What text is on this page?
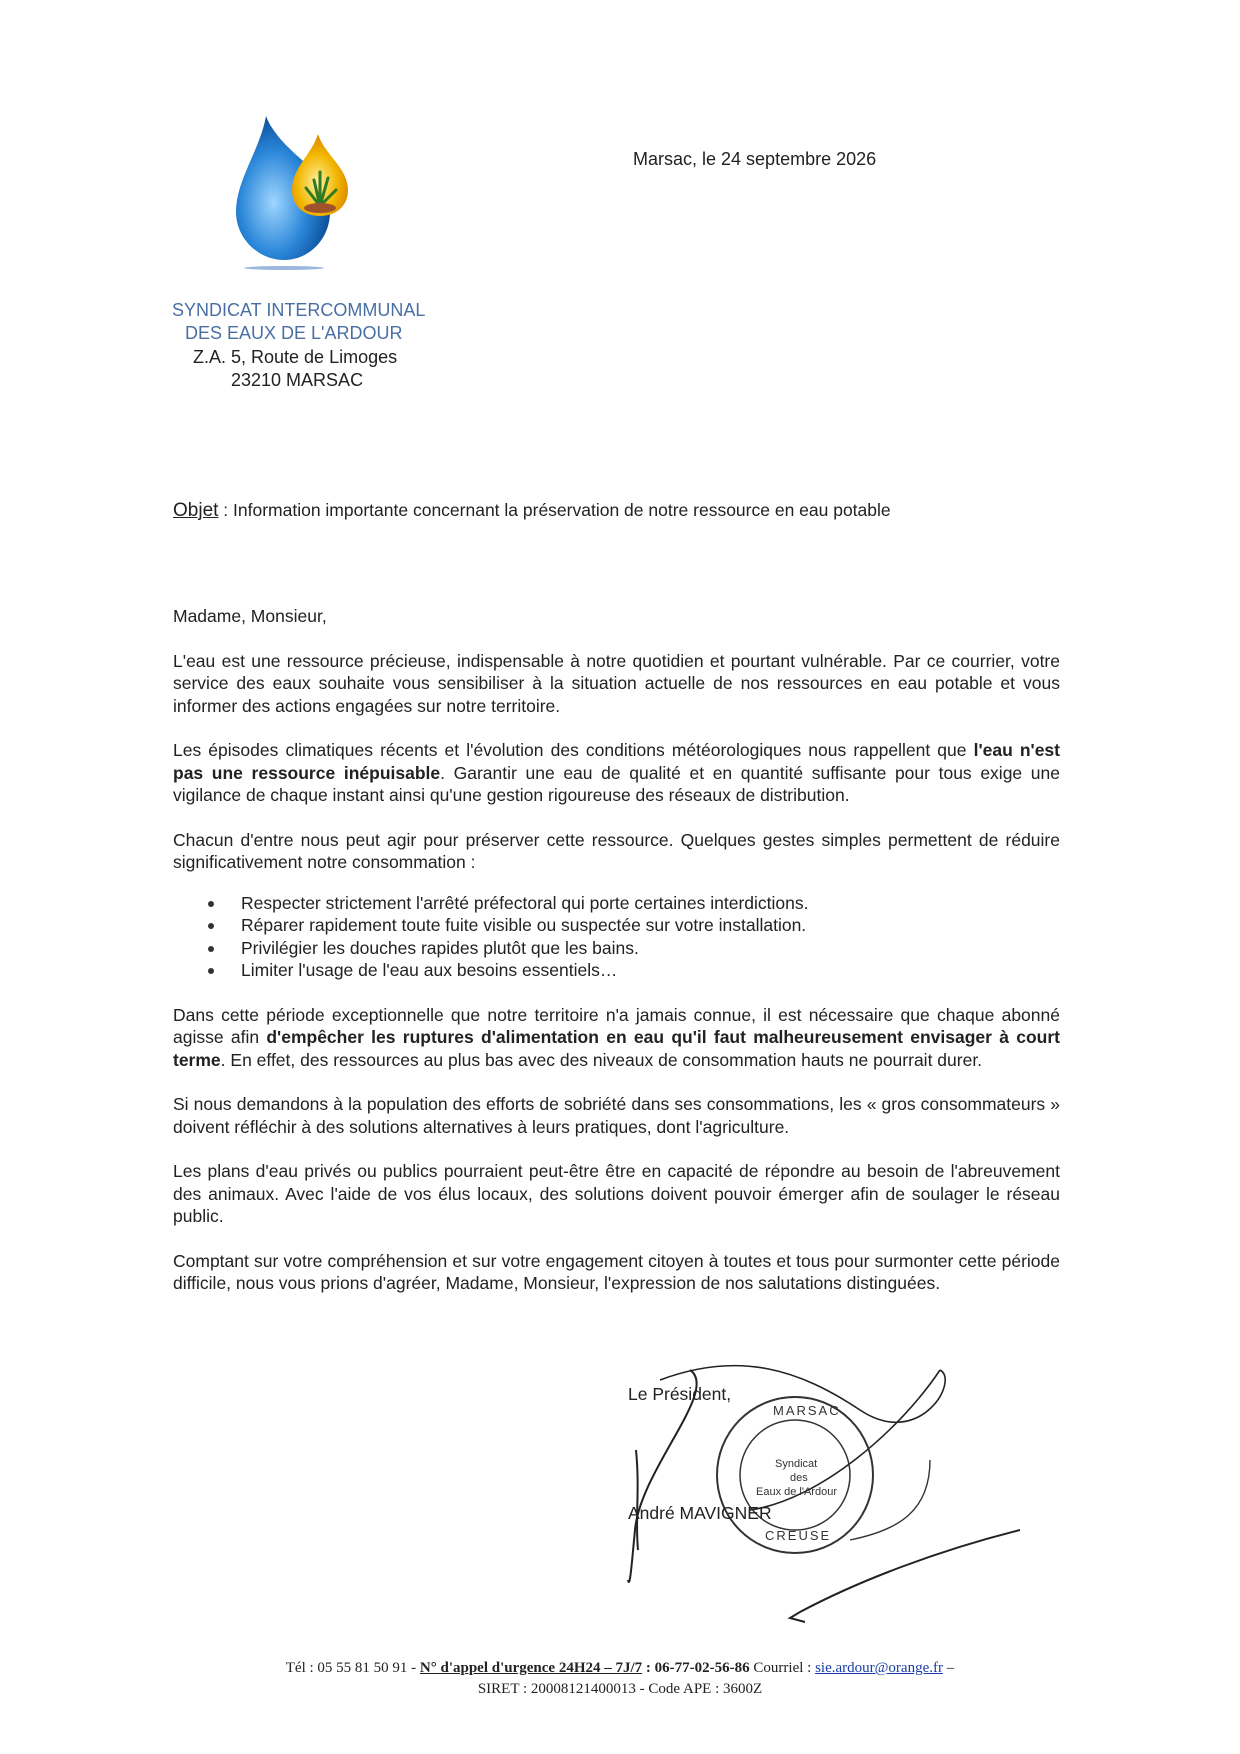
Marsac, le 24 septembre 2026
SYNDICAT INTERCOMMUNAL
DES EAUX DE L'ARDOUR
Z.A. 5, Route de Limoges
23210 MARSAC
Objet : Information importante concernant la préservation de notre ressource en eau potable

Madame, Monsieur,

L'eau est une ressource précieuse, indispensable à notre quotidien et pourtant vulnérable. Par ce courrier, votre service des eaux souhaite vous sensibiliser à la situation actuelle de nos ressources en eau potable et vous informer des actions engagées sur notre territoire.

Les épisodes climatiques récents et l'évolution des conditions météorologiques nous rappellent que l'eau n'est pas une ressource inépuisable. Garantir une eau de qualité et en quantité suffisante pour tous exige une vigilance de chaque instant ainsi qu'une gestion rigoureuse des réseaux de distribution.

Chacun d'entre nous peut agir pour préserver cette ressource. Quelques gestes simples permettent de réduire significativement notre consommation :

Respecter strictement l'arrêté préfectoral qui porte certaines interdictions.
Réparer rapidement toute fuite visible ou suspectée sur votre installation.
Privilégier les douches rapides plutôt que les bains.
Limiter l'usage de l'eau aux besoins essentiels…

Dans cette période exceptionnelle que notre territoire n'a jamais connue, il est nécessaire que chaque abonné agisse afin d'empêcher les ruptures d'alimentation en eau qu'il faut malheureusement envisager à court terme. En effet, des ressources au plus bas avec des niveaux de consommation hauts ne pourrait durer.

Si nous demandons à la population des efforts de sobriété dans ses consommations, les « gros consommateurs » doivent réfléchir à des solutions alternatives à leurs pratiques, dont l'agriculture.

Les plans d'eau privés ou publics pourraient peut-être être en capacité de répondre au besoin de l'abreuvement des animaux. Avec l'aide de vos élus locaux, des solutions doivent pouvoir émerger afin de soulager le réseau public.

Comptant sur votre compréhension et sur votre engagement citoyen à toutes et tous pour surmonter cette période difficile, nous vous prions d'agréer, Madame, Monsieur, l'expression de nos salutations distinguées.

Le Président,
MARSAC
Syndicat
des
Eaux de l'Ardour
CREUSE
André MAVIGNER
Tél : 05 55 81 50 91 - N° d'appel d'urgence 24H24 – 7J/7 : 06-77-02-56-86 Courriel : sie.ardour@orange.fr –
SIRET : 20008121400013 - Code APE : 3600Z
